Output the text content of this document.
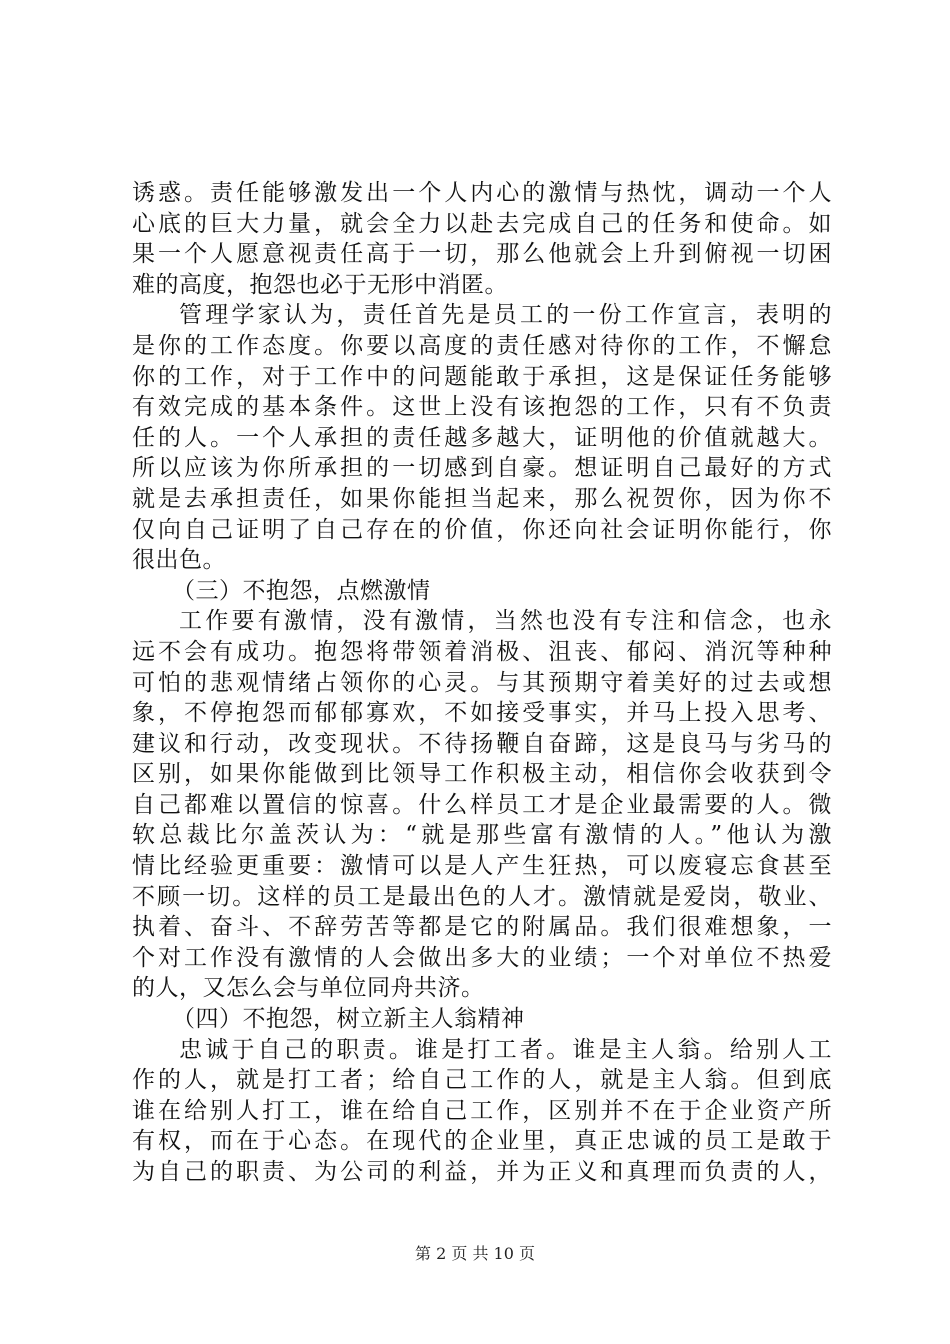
诱惑。责任能够激发出一个人内心的激情与热忱，调动一个人
心底的巨大力量，就会全力以赴去完成自己的任务和使命。如
果一个人愿意视责任高于一切，那么他就会上升到俯视一切困
难的高度，抱怨也必于无形中消匿。
管理学家认为，责任首先是员工的一份工作宣言，表明的
是你的工作态度。你要以高度的责任感对待你的工作，不懈怠
你的工作，对于工作中的问题能敢于承担，这是保证任务能够
有效完成的基本条件。这世上没有该抱怨的工作，只有不负责
任的人。一个人承担的责任越多越大，证明他的价值就越大。
所以应该为你所承担的一切感到自豪。想证明自己最好的方式
就是去承担责任，如果你能担当起来，那么祝贺你，因为你不
仅向自己证明了自己存在的价值，你还向社会证明你能行，你
很出色。
（三）不抱怨，点燃激情
工作要有激情，没有激情，当然也没有专注和信念，也永
远不会有成功。抱怨将带领着消极、沮丧、郁闷、消沉等种种
可怕的悲观情绪占领你的心灵。与其预期守着美好的过去或想
象，不停抱怨而郁郁寡欢，不如接受事实，并马上投入思考、
建议和行动，改变现状。不待扬鞭自奋蹄，这是良马与劣马的
区别，如果你能做到比领导工作积极主动，相信你会收获到令
自己都难以置信的惊喜。什么样员工才是企业最需要的人。微
软总裁比尔盖茨认为：“就是那些富有激情的人。”他认为激
情比经验更重要：激情可以是人产生狂热，可以废寝忘食甚至
不顾一切。这样的员工是最出色的人才。激情就是爱岗，敬业、
执着、奋斗、不辞劳苦等都是它的附属品。我们很难想象，一
个对工作没有激情的人会做出多大的业绩；一个对单位不热爱
的人，又怎么会与单位同舟共济。
（四）不抱怨，树立新主人翁精神
忠诚于自己的职责。谁是打工者。谁是主人翁。给别人工
作的人，就是打工者；给自己工作的人，就是主人翁。但到底
谁在给别人打工，谁在给自己工作，区别并不在于企业资产所
有权，而在于心态。在现代的企业里，真正忠诚的员工是敢于
为自己的职责、为公司的利益，并为正义和真理而负责的人，
第 2 页 共 10 页
